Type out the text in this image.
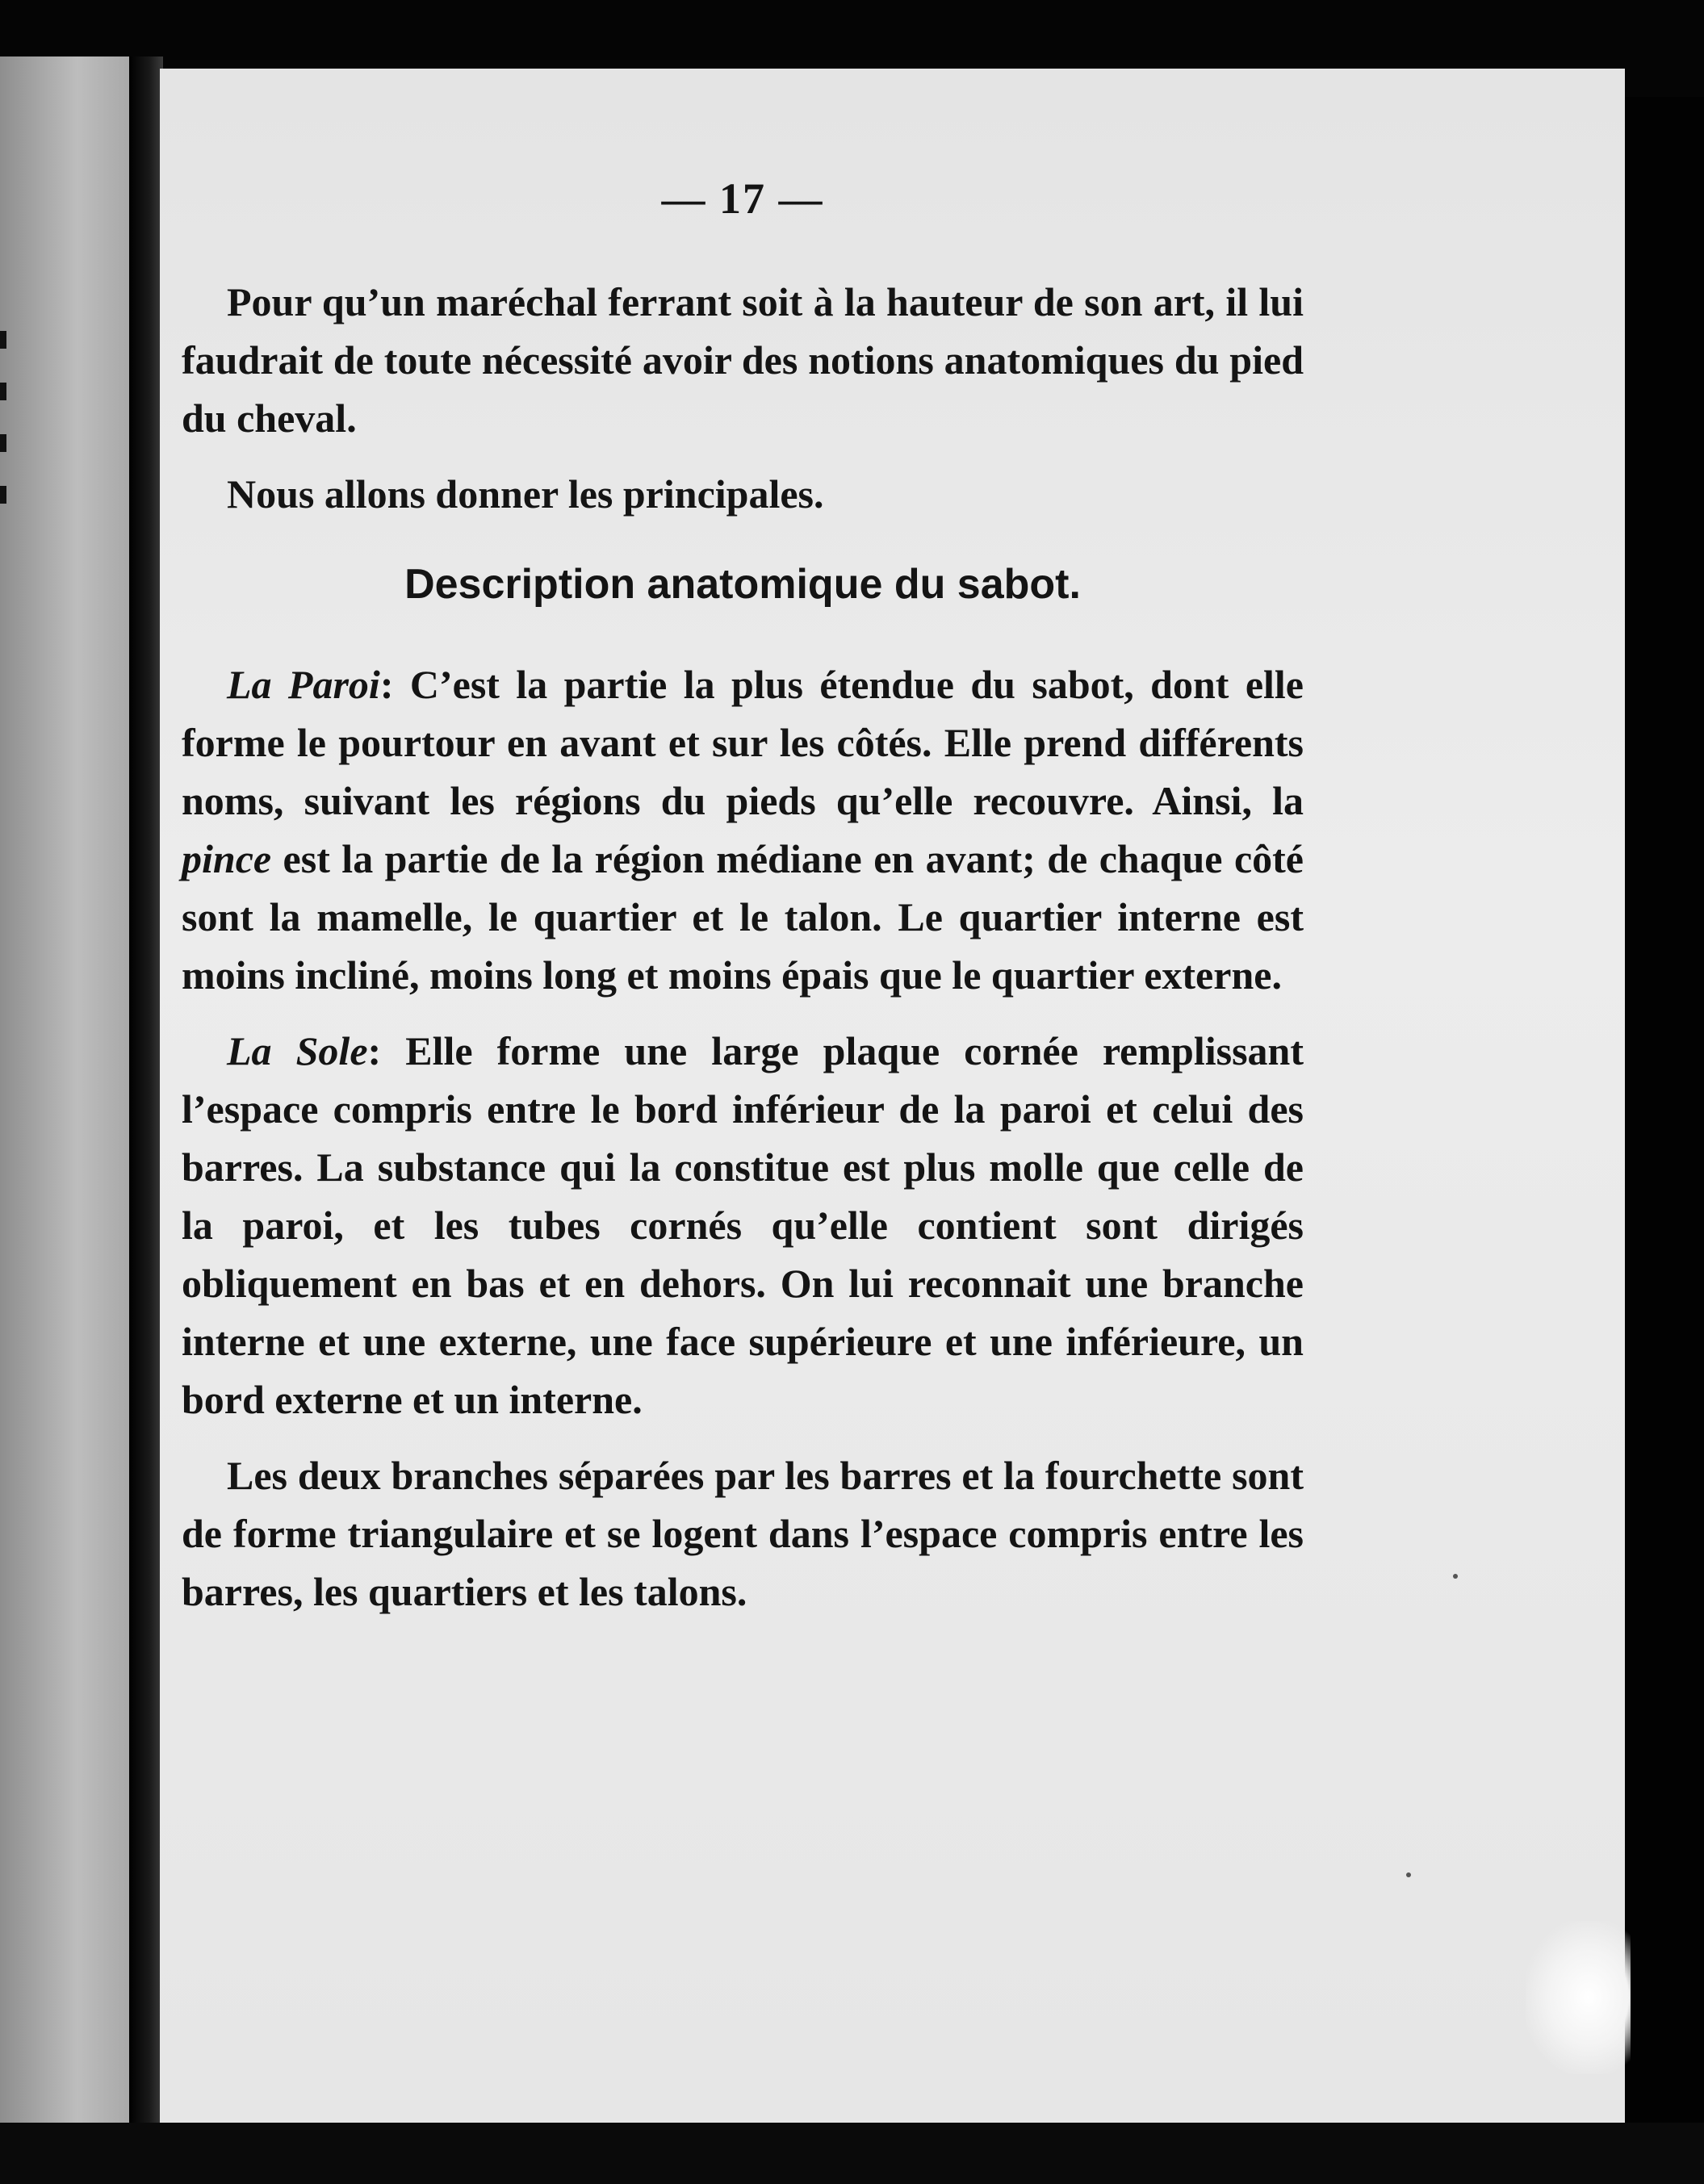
— 17 —

Pour qu’un maréchal ferrant soit à la hauteur de son art, il lui faudrait de toute nécessité avoir des notions anatomiques du pied du cheval.

Nous allons donner les principales.

Description anatomique du sabot.

La Paroi: C’est la partie la plus étendue du sabot, dont elle forme le pourtour en avant et sur les côtés. Elle prend différents noms, suivant les régions du pieds qu’elle recouvre. Ainsi, la pince est la partie de la région médiane en avant; de chaque côté sont la mamelle, le quartier et le talon. Le quartier interne est moins incliné, moins long et moins épais que le quartier externe.

La Sole: Elle forme une large plaque cornée remplissant l’espace compris entre le bord inférieur de la paroi et celui des barres. La substance qui la constitue est plus molle que celle de la paroi, et les tubes cornés qu’elle contient sont dirigés obliquement en bas et en dehors. On lui reconnait une branche interne et une externe, une face supérieure et une inférieure, un bord externe et un interne.

Les deux branches séparées par les barres et la fourchette sont de forme triangulaire et se logent dans l’espace compris entre les barres, les quartiers et les talons.
